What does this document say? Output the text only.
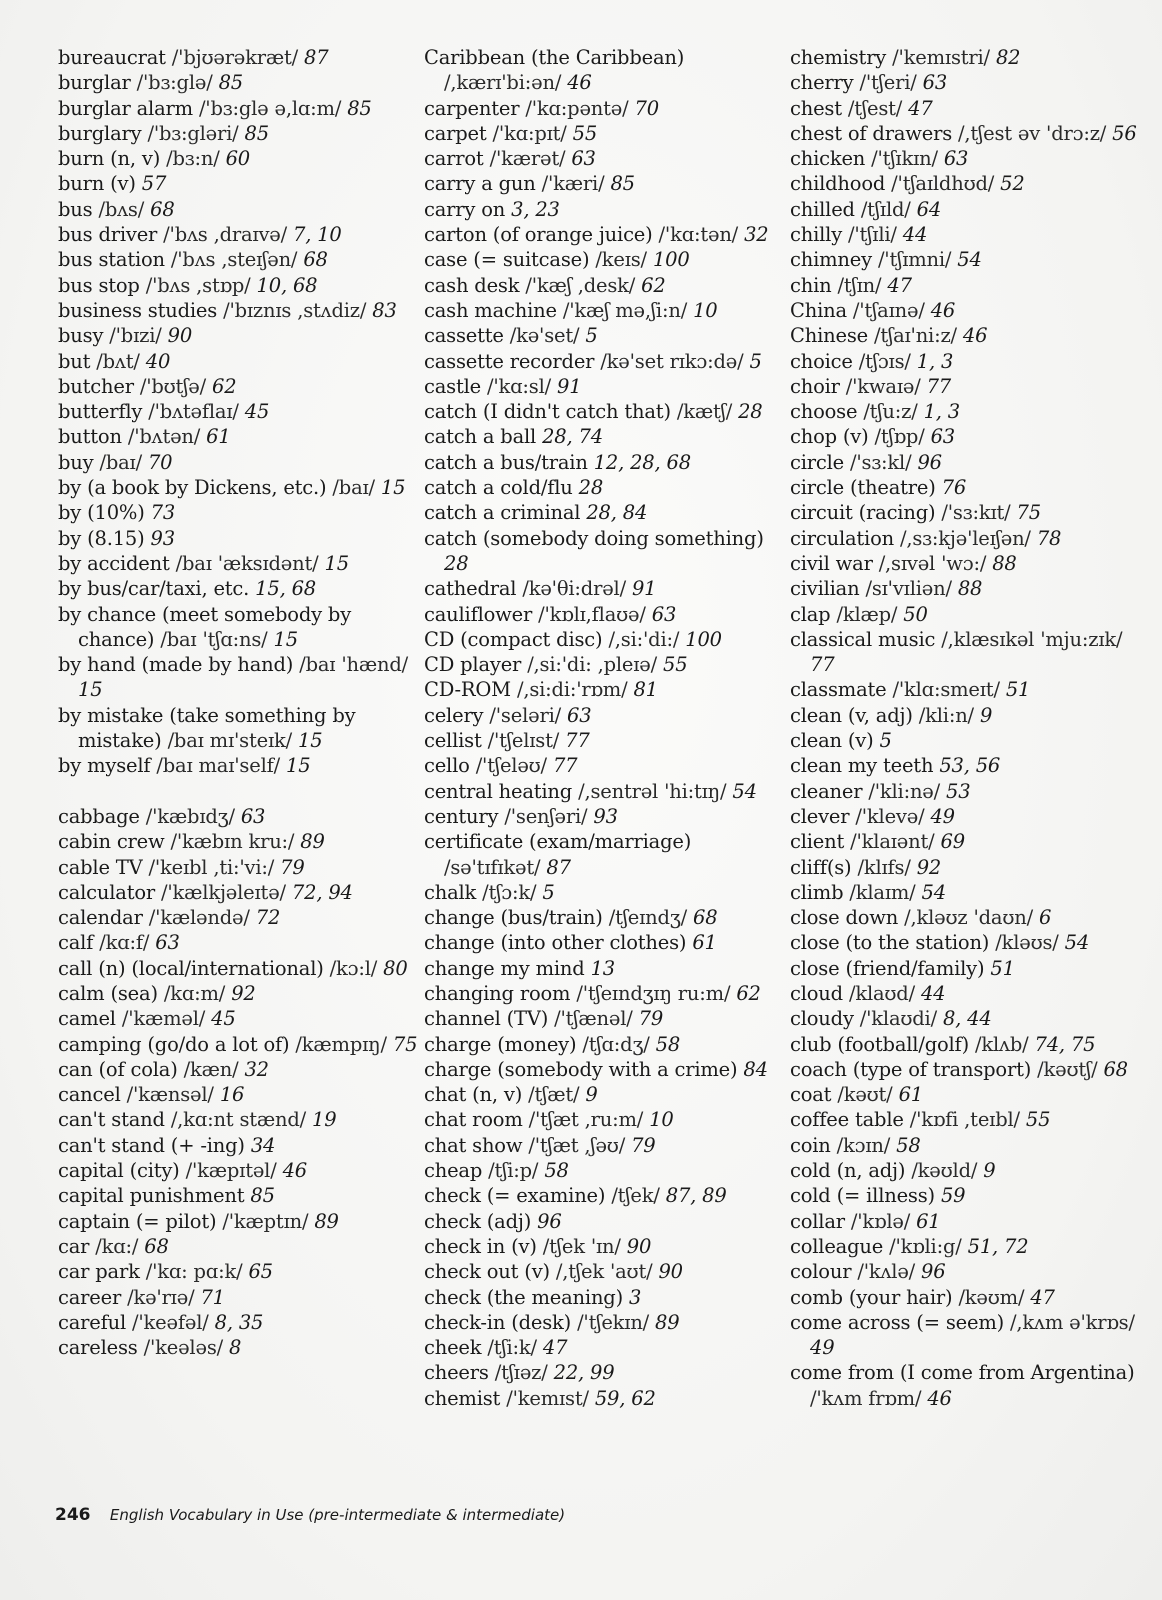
bureaucrat /'bjʊərəkræt/ 87
burglar /'bɜ:glə/ 85
burglar alarm /'bɜ:glə ə,lɑ:m/ 85
burglary /'bɜ:gləri/ 85
burn (n, v) /bɜ:n/ 60
burn (v) 57
bus /bʌs/ 68
bus driver /'bʌs ,draɪvə/ 7, 10
bus station /'bʌs ,steɪʃən/ 68
bus stop /'bʌs ,stɒp/ 10, 68
business studies /'bɪznɪs ,stʌdiz/ 83
busy /'bɪzi/ 90
but /bʌt/ 40
butcher /'bʊtʃə/ 62
butterfly /'bʌtəflaɪ/ 45
button /'bʌtən/ 61
buy /baɪ/ 70
by (a book by Dickens, etc.) /baɪ/ 15
by (10%) 73
by (8.15) 93
by accident /baɪ 'æksɪdənt/ 15
by bus/car/taxi, etc. 15, 68
by chance (meet somebody by chance) /baɪ 'tʃɑ:ns/ 15
by hand (made by hand) /baɪ 'hænd/ 15
by mistake (take something by mistake) /baɪ mɪ'steɪk/ 15
by myself /baɪ maɪ'self/ 15
cabbage /'kæbɪdʒ/ 63
cabin crew /'kæbɪn kru:/ 89
cable TV /'keɪbl ,ti:'vi:/ 79
calculator /'kælkjəleɪtə/ 72, 94
calendar /'kæləndə/ 72
calf /kɑ:f/ 63
call (n) (local/international) /kɔ:l/ 80
calm (sea) /kɑ:m/ 92
camel /'kæməl/ 45
camping (go/do a lot of) /kæmpɪŋ/ 75
can (of cola) /kæn/ 32
cancel /'kænsəl/ 16
can't stand /,kɑ:nt stænd/ 19
can't stand (+ -ing) 34
capital (city) /'kæpɪtəl/ 46
capital punishment 85
captain (= pilot) /'kæptɪn/ 89
car /kɑ:/ 68
car park /'kɑ: pɑ:k/ 65
career /kə'rɪə/ 71
careful /'keəfəl/ 8, 35
careless /'keələs/ 8
Caribbean (the Caribbean) /,kærɪ'bi:ən/ 46
carpenter /'kɑ:pəntə/ 70
carpet /'kɑ:pɪt/ 55
carrot /'kærət/ 63
carry a gun /'kæri/ 85
carry on 3, 23
carton (of orange juice) /'kɑ:tən/ 32
case (= suitcase) /keɪs/ 100
cash desk /'kæʃ ,desk/ 62
cash machine /'kæʃ mə,ʃi:n/ 10
cassette /kə'set/ 5
cassette recorder /kə'set rɪkɔ:də/ 5
castle /'kɑ:sl/ 91
catch (I didn't catch that) /kætʃ/ 28
catch a ball 28, 74
catch a bus/train 12, 28, 68
catch a cold/flu 28
catch a criminal 28, 84
catch (somebody doing something) 28
cathedral /kə'θi:drəl/ 91
cauliflower /'kɒlɪ,flaʊə/ 63
CD (compact disc) /,si:'di:/ 100
CD player /,si:'di: ,pleɪə/ 55
CD-ROM /,si:di:'rɒm/ 81
celery /'seləri/ 63
cellist /'tʃelɪst/ 77
cello /'tʃeləʊ/ 77
central heating /,sentrəl 'hi:tɪŋ/ 54
century /'senʃəri/ 93
certificate (exam/marriage) /sə'tɪfɪkət/ 87
chalk /tʃɔ:k/ 5
change (bus/train) /tʃeɪndʒ/ 68
change (into other clothes) 61
change my mind 13
changing room /'tʃeɪndʒɪŋ ru:m/ 62
channel (TV) /'tʃænəl/ 79
charge (money) /tʃɑ:dʒ/ 58
charge (somebody with a crime) 84
chat (n, v) /tʃæt/ 9
chat room /'tʃæt ,ru:m/ 10
chat show /'tʃæt ,ʃəʊ/ 79
cheap /tʃi:p/ 58
check (= examine) /tʃek/ 87, 89
check (adj) 96
check in (v) /tʃek 'ɪn/ 90
check out (v) /,tʃek 'aʊt/ 90
check (the meaning) 3
check-in (desk) /'tʃekɪn/ 89
cheek /tʃi:k/ 47
cheers /tʃɪəz/ 22, 99
chemist /'kemɪst/ 59, 62
chemistry /'kemɪstri/ 82
cherry /'tʃeri/ 63
chest /tʃest/ 47
chest of drawers /,tʃest əv 'drɔ:z/ 56
chicken /'tʃɪkɪn/ 63
childhood /'tʃaɪldhʊd/ 52
chilled /tʃɪld/ 64
chilly /'tʃɪli/ 44
chimney /'tʃɪmni/ 54
chin /tʃɪn/ 47
China /'tʃaɪnə/ 46
Chinese /tʃaɪ'ni:z/ 46
choice /tʃɔɪs/ 1, 3
choir /'kwaɪə/ 77
choose /tʃu:z/ 1, 3
chop (v) /tʃɒp/ 63
circle /'sɜ:kl/ 96
circle (theatre) 76
circuit (racing) /'sɜ:kɪt/ 75
circulation /,sɜ:kjə'leɪʃən/ 78
civil war /,sɪvəl 'wɔ:/ 88
civilian /sɪ'vɪliən/ 88
clap /klæp/ 50
classical music /,klæsɪkəl 'mju:zɪk/ 77
classmate /'klɑ:smeɪt/ 51
clean (v, adj) /kli:n/ 9
clean (v) 5
clean my teeth 53, 56
cleaner /'kli:nə/ 53
clever /'klevə/ 49
client /'klaɪənt/ 69
cliff(s) /klɪfs/ 92
climb /klaɪm/ 54
close down /,kləʊz 'daʊn/ 6
close (to the station) /kləʊs/ 54
close (friend/family) 51
cloud /klaʊd/ 44
cloudy /'klaʊdi/ 8, 44
club (football/golf) /klʌb/ 74, 75
coach (type of transport) /kəʊtʃ/ 68
coat /kəʊt/ 61
coffee table /'kɒfi ,teɪbl/ 55
coin /kɔɪn/ 58
cold (n, adj) /kəʊld/ 9
cold (= illness) 59
collar /'kɒlə/ 61
colleague /'kɒli:g/ 51, 72
colour /'kʌlə/ 96
comb (your hair) /kəʊm/ 47
come across (= seem) /,kʌm ə'krɒs/ 49
come from (I come from Argentina) /'kʌm frɒm/ 46
246 English Vocabulary in Use (pre-intermediate & intermediate)
